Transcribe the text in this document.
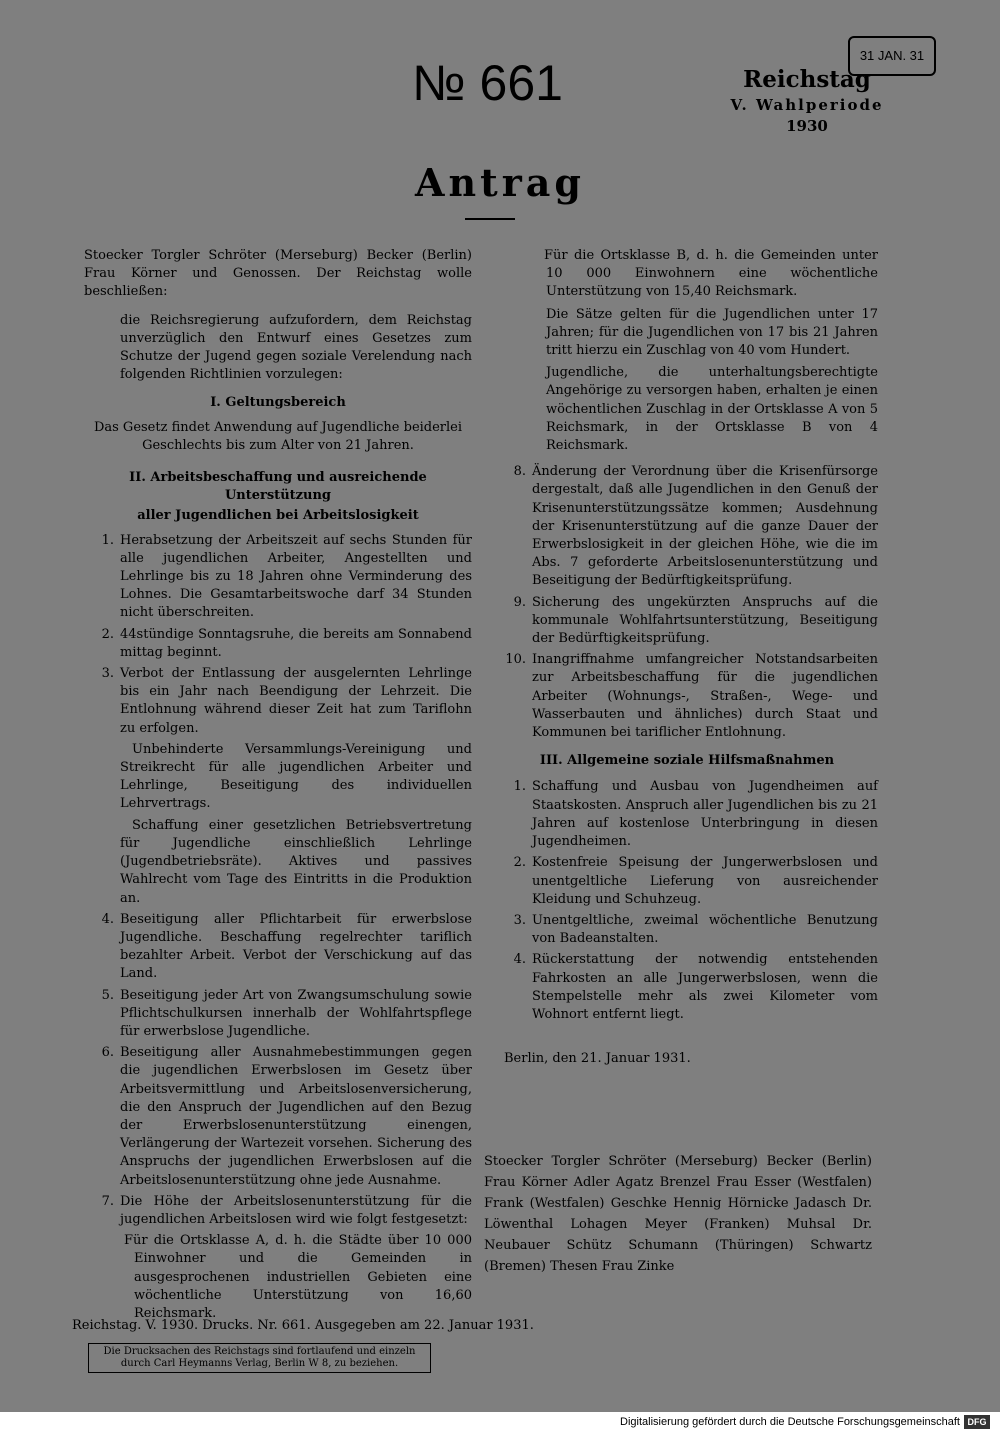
№ 661	Reichstag
V. Wahlperiode
1930
31 JAN. 31
Antrag

Stoecker Torgler Schröter (Merseburg) Becker (Berlin) Frau Körner und Genossen. Der Reichstag wolle beschließen:

die Reichsregierung aufzufordern, dem Reichstag unverzüglich den Entwurf eines Gesetzes zum Schutze der Jugend gegen soziale Verelendung nach folgenden Richtlinien vorzulegen:

I. Geltungsbereich

Das Gesetz findet Anwendung auf Jugendliche beiderlei Geschlechts bis zum Alter von 21 Jahren.

II. Arbeitsbeschaffung und ausreichende Unterstützung

aller Jugendlichen bei Arbeitslosigkeit

1. Herabsetzung der Arbeitszeit auf sechs Stunden für alle jugendlichen Arbeiter, Angestellten und Lehrlinge bis zu 18 Jahren ohne Verminderung des Lohnes. Die Gesamtarbeitswoche darf 34 Stunden nicht überschreiten.
2. 44stündige Sonntagsruhe, die bereits am Sonnabend mittag beginnt.
3. Verbot der Entlassung der ausgelernten Lehrlinge bis ein Jahr nach Beendigung der Lehrzeit. Die Entlohnung während dieser Zeit hat zum Tariflohn zu erfolgen.

Unbehinderte Versammlungs-Vereinigung und Streikrecht für alle jugendlichen Arbeiter und Lehrlinge, Beseitigung des individuellen Lehrvertrags.

Schaffung einer gesetzlichen Betriebsvertretung für Jugendliche einschließlich Lehrlinge (Jugendbetriebsräte). Aktives und passives Wahlrecht vom Tage des Eintritts in die Produktion an.

4. Beseitigung aller Pflichtarbeit für erwerbslose Jugendliche. Beschaffung regelrechter tariflich bezahlter Arbeit. Verbot der Verschickung auf das Land.
5. Beseitigung jeder Art von Zwangsumschulung sowie Pflichtschulkursen innerhalb der Wohlfahrtspflege für erwerbslose Jugendliche.
6. Beseitigung aller Ausnahmebestimmungen gegen die jugendlichen Erwerbslosen im Gesetz über Arbeitsvermittlung und Arbeitslosenversicherung, die den Anspruch der Jugendlichen auf den Bezug der Erwerbslosenunterstützung einengen, Verlängerung der Wartezeit vorsehen. Sicherung des Anspruchs der jugendlichen Erwerbslosen auf die Arbeitslosenunterstützung ohne jede Ausnahme.
7. Die Höhe der Arbeitslosenunterstützung für die jugendlichen Arbeitslosen wird wie folgt festgesetzt:

Für die Ortsklasse A, d. h. die Städte über 10 000 Einwohner und die Gemeinden in ausgesprochenen industriellen Gebieten eine wöchentliche Unterstützung von 16,60 Reichsmark.

Für die Ortsklasse B, d. h. die Gemeinden unter 10 000 Einwohnern eine wöchentliche Unterstützung von 15,40 Reichsmark.

Die Sätze gelten für die Jugendlichen unter 17 Jahren; für die Jugendlichen von 17 bis 21 Jahren tritt hierzu ein Zuschlag von 40 vom Hundert.

Jugendliche, die unterhaltungsberechtigte Angehörige zu versorgen haben, erhalten je einen wöchentlichen Zuschlag in der Ortsklasse A von 5 Reichsmark, in der Ortsklasse B von 4 Reichsmark.

8. Änderung der Verordnung über die Krisenfürsorge dergestalt, daß alle Jugendlichen in den Genuß der Krisenunterstützungssätze kommen; Ausdehnung der Krisenunterstützung auf die ganze Dauer der Erwerbslosigkeit in der gleichen Höhe, wie die im Abs. 7 geforderte Arbeitslosenunterstützung und Beseitigung der Bedürftigkeitsprüfung.
9. Sicherung des ungekürzten Anspruchs auf die kommunale Wohlfahrtsunterstützung, Beseitigung der Bedürftigkeitsprüfung.
10. Inangriffnahme umfangreicher Notstandsarbeiten zur Arbeitsbeschaffung für die jugendlichen Arbeiter (Wohnungs-, Straßen-, Wege- und Wasserbauten und ähnliches) durch Staat und Kommunen bei tariflicher Entlohnung.

III. Allgemeine soziale Hilfsmaßnahmen

1. Schaffung und Ausbau von Jugendheimen auf Staatskosten. Anspruch aller Jugendlichen bis zu 21 Jahren auf kostenlose Unterbringung in diesen Jugendheimen.
2. Kostenfreie Speisung der Jungerwerbslosen und unentgeltliche Lieferung von ausreichender Kleidung und Schuhzeug.
3. Unentgeltliche, zweimal wöchentliche Benutzung von Badeanstalten.
4. Rückerstattung der notwendig entstehenden Fahrkosten an alle Jungerwerbslosen, wenn die Stempelstelle mehr als zwei Kilometer vom Wohnort entfernt liegt.

Berlin, den 21. Januar 1931.

Stoecker Torgler Schröter (Merseburg) Becker (Berlin) Frau Körner Adler Agatz Brenzel Frau Esser (Westfalen) Frank (Westfalen) Geschke Hennig Hörnicke Jadasch Dr. Löwenthal Lohagen Meyer (Franken) Muhsal Dr. Neubauer Schütz Schumann (Thüringen) Schwartz (Bremen) Thesen Frau Zinke
Reichstag. V. 1930. Drucks. Nr. 661. Ausgegeben am 22. Januar 1931.
Die Drucksachen des Reichstags sind fortlaufend und einzeln
durch Carl Heymanns Verlag, Berlin W 8, zu beziehen.
Digitalisierung gefördert durch die Deutsche Forschungsgemeinschaft DFG
